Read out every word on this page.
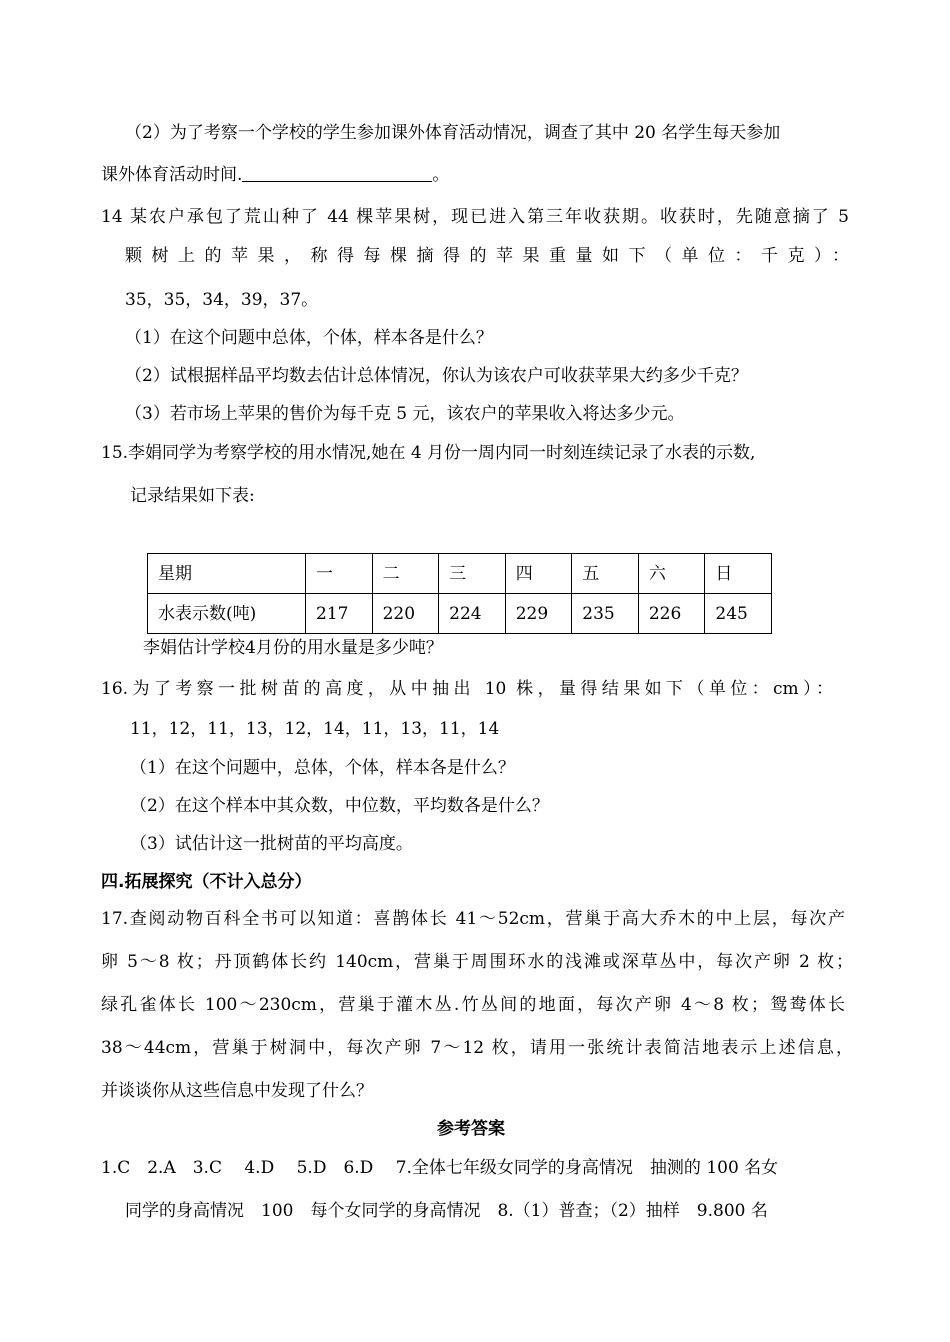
（2）为了考察一个学校的学生参加课外体育活动情况，调查了其中 20 名学生每天参加
课外体育活动时间.	。
14 某农户承包了荒山种了 44 棵苹果树，现已进入第三年收获期。收获时，先随意摘了 5
颗树上的苹果，称得每棵摘得的苹果重量如下（单位：千克）：
35，35，34，39，37。
（1）在这个问题中总体，个体，样本各是什么？
（2）试根据样品平均数去估计总体情况，你认为该农户可收获苹果大约多少千克？
（3）若市场上苹果的售价为每千克 5 元，该农户的苹果收入将达多少元。
15.李娟同学为考察学校的用水情况,她在 4 月份一周内同一时刻连续记录了水表的示数,
记录结果如下表:
星期	一	二	三	四	五	六	日
水表示数(吨)	217	220	224	229	235	226	245
李娟估计学校4月份的用水量是多少吨？
16.为了考察一批树苗的高度，从中抽出 10 株，量得结果如下（单位：cm）：
11，12，11，13，12，14，11，13，11，14
（1）在这个问题中，总体，个体，样本各是什么？
（2）在这个样本中其众数，中位数，平均数各是什么？
（3）试估计这一批树苗的平均高度。
四.拓展探究（不计入总分）
17.查阅动物百科全书可以知道：喜鹊体长 41～52cm，营巢于高大乔木的中上层，每次产
卵 5～8 枚；丹顶鹤体长约 140cm，营巢于周围环水的浅滩或深草丛中，每次产卵 2 枚；
绿孔雀体长 100～230cm，营巢于灌木丛.竹丛间的地面，每次产卵 4～8 枚；鸳鸯体长
38～44cm，营巢于树洞中，每次产卵 7～12 枚，请用一张统计表简洁地表示上述信息，
并谈谈你从这些信息中发现了什么？
参考答案
1.C　2.A　3.C　 4.D　 5.D　6.D　 7.全体七年级女同学的身高情况　抽测的 100 名女
同学的身高情况　100　每个女同学的身高情况　8.（1）普查；（2）抽样　9.800 名
